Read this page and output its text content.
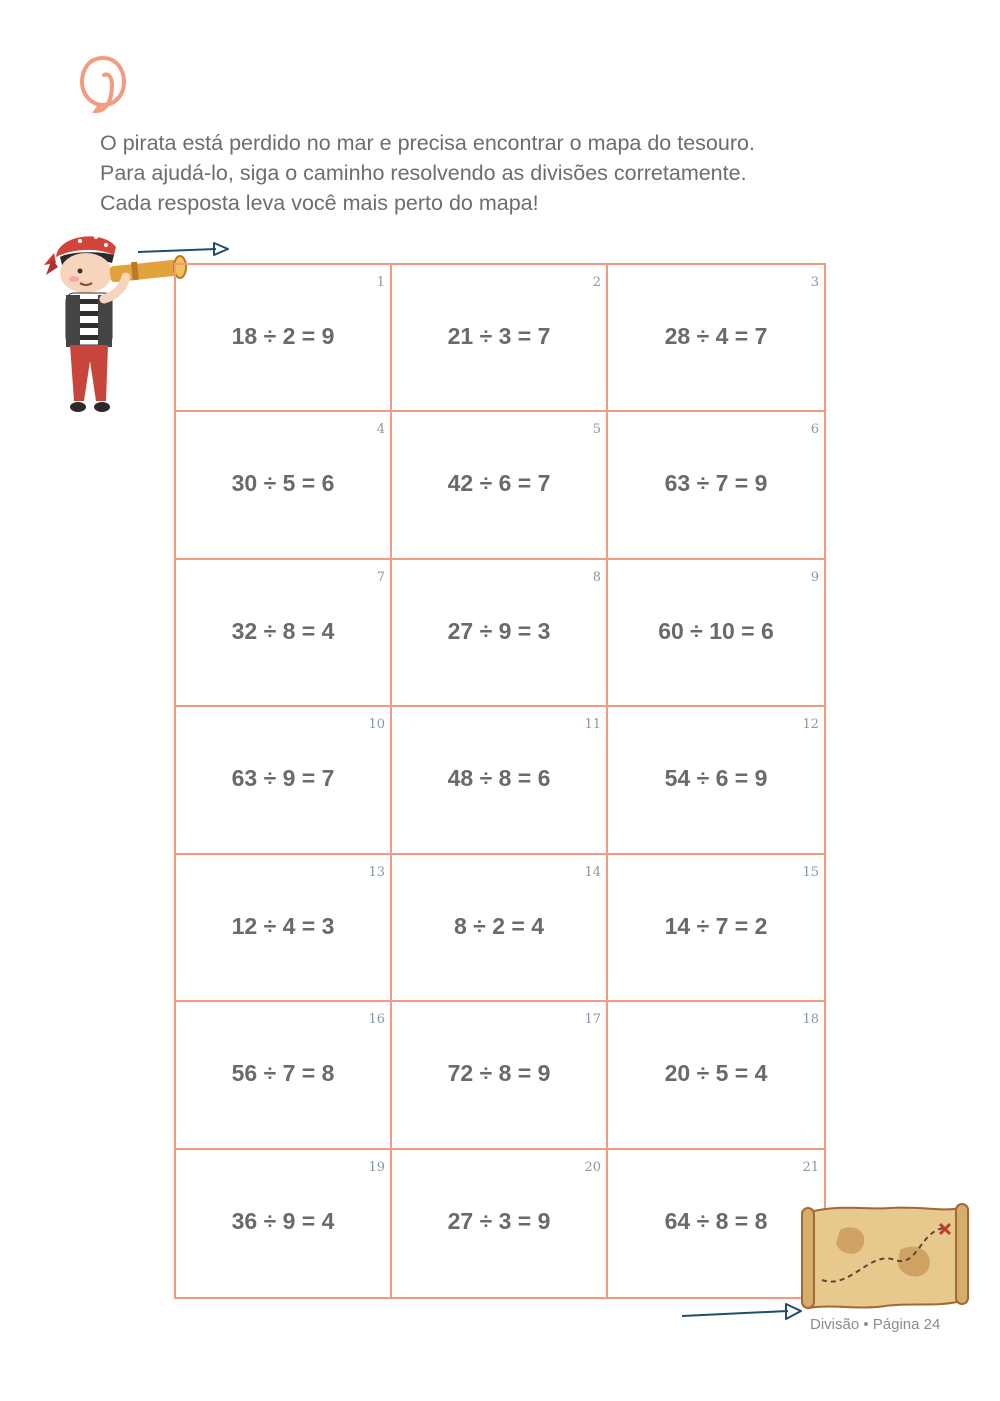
O pirata está perdido no mar e precisa encontrar o mapa do tesouro.

Para ajudá-lo, siga o caminho resolvendo as divisões corretamente.

Cada resposta leva você mais perto do mapa!

1
18 ÷ 2 = 9
2
21 ÷ 3 = 7
3
28 ÷ 4 = 7
4
30 ÷ 5 = 6
5
42 ÷ 6 = 7
6
63 ÷ 7 = 9
7
32 ÷ 8 = 4
8
27 ÷ 9 = 3
9
60 ÷ 10 = 6
10
63 ÷ 9 = 7
11
48 ÷ 8 = 6
12
54 ÷ 6 = 9
13
12 ÷ 4 = 3
14
8 ÷ 2 = 4
15
14 ÷ 7 = 2
16
56 ÷ 7 = 8
17
72 ÷ 8 = 9
18
20 ÷ 5 = 4
19
36 ÷ 9 = 4
20
27 ÷ 3 = 9
21
64 ÷ 8 = 8
Divisão • Página 24
